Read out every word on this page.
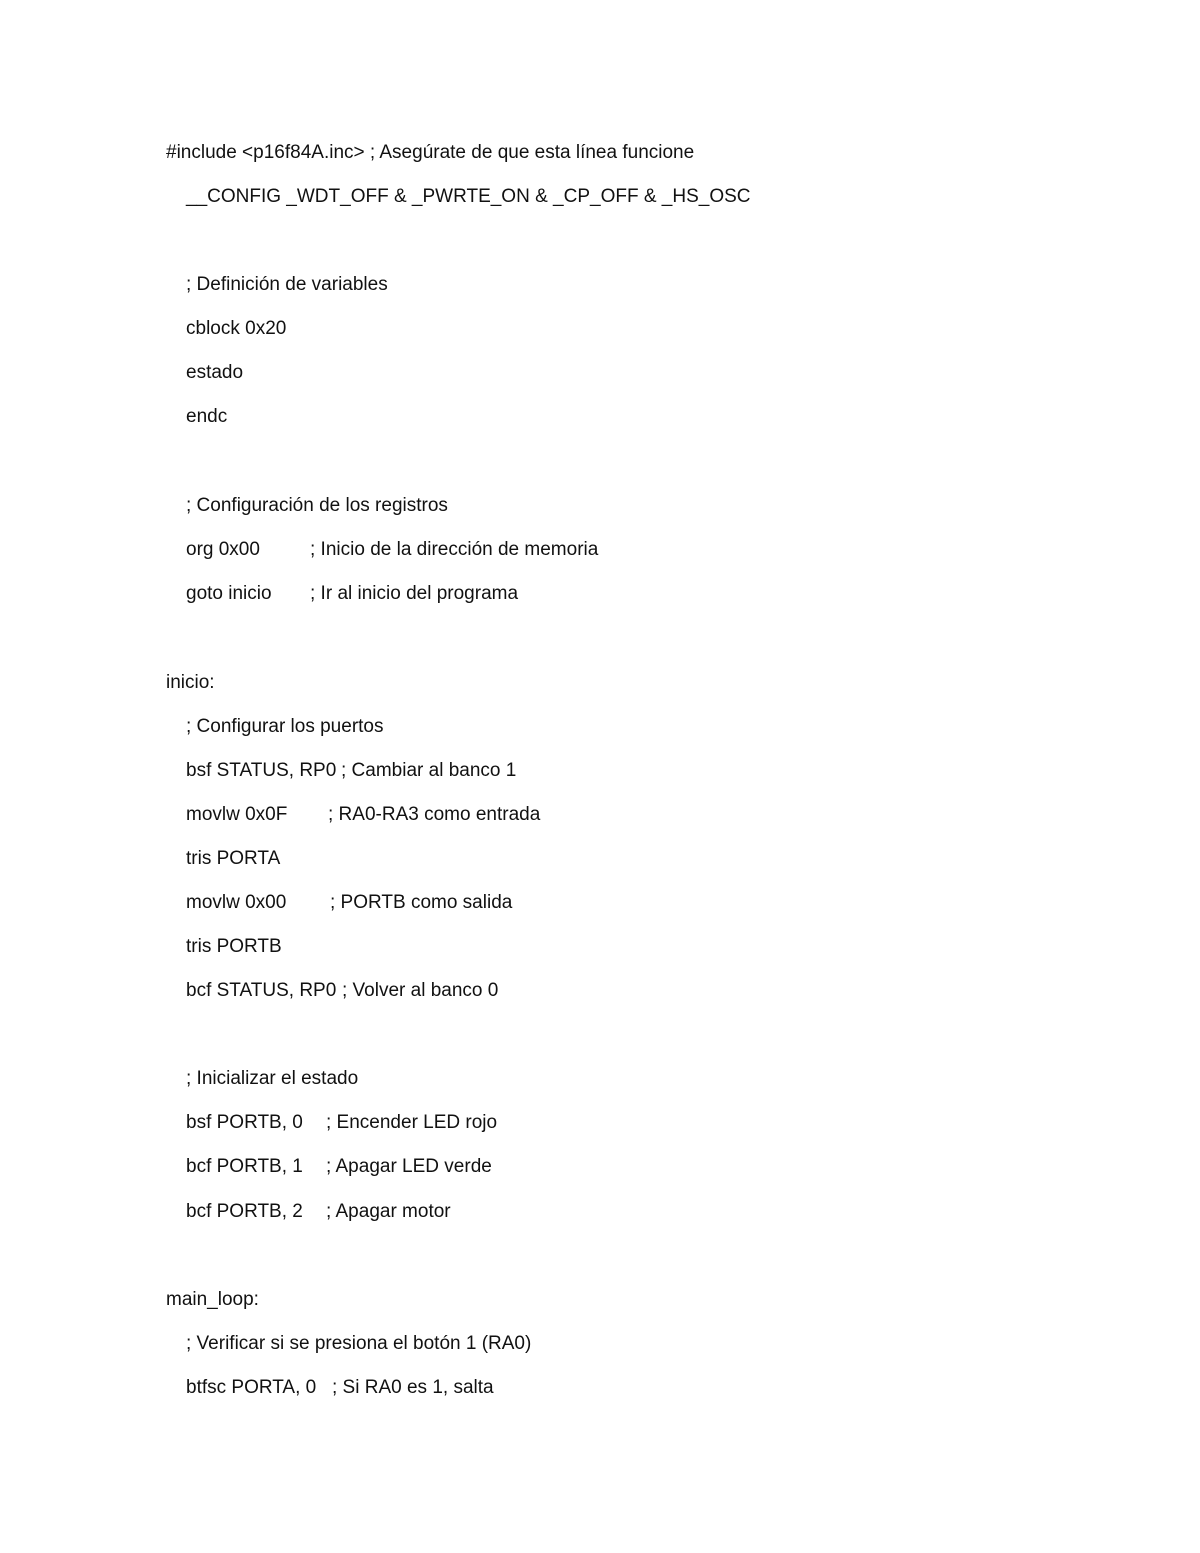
#include <p16f84A.inc> ; Asegúrate de que esta línea funcione

__CONFIG _WDT_OFF & _PWRTE_ON & _CP_OFF & _HS_OSC

; Definición de variables

cblock 0x20

estado

endc

; Configuración de los registros

org 0x00	; Inicio de la dirección de memoria

goto inicio ; Ir al inicio del programa

inicio:

; Configurar los puertos

bsf STATUS, RP0 ; Cambiar al banco 1

movlw 0x0F ; RA0-RA3 como entrada

tris PORTA

movlw 0x00 ; PORTB como salida

tris PORTB

bcf STATUS, RP0 ; Volver al banco 0

; Inicializar el estado

bsf PORTB, 0 ; Encender LED rojo

bcf PORTB, 1 ; Apagar LED verde

bcf PORTB, 2 ; Apagar motor

main_loop:

; Verificar si se presiona el botón 1 (RA0)

btfsc PORTA, 0 ; Si RA0 es 1, salta
